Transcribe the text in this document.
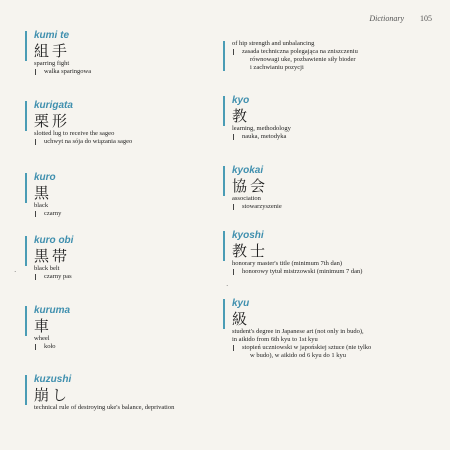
Dictionary 105
kumi te
組手
sparring fight
walka sparingowa
kurigata
栗形
slotted lug to receive the sageo
uchwyt na sója do wiązania sageo
kuro
黒
black
czarny
kuro obi
黒帯
black belt
czarny pas
kuruma
車
wheel
koło
kuzushi
崩し
technical rule of destroying uke's balance, deprivation
of hip strength and unbalancing
zasada techniczna polegająca na zniszczeniu
równowagi uke, pozbawienie siły bioder
i zachwianiu pozycji
kyo
教
learning, methodology
nauka, metodyka
kyokai
協会
association
stowarzyszenie
kyoshi
教士
honorary master's title (minimum 7th dan)
honorowy tytuł mistrzowski (minimum 7 dan)
kyu
級
student's degree in Japanese art (not only in budo),
in aikido from 6th kyu to 1st kyu
stopień uczniowski w japońskiej sztuce (nie tylko
w budo), w aikido od 6 kyu do 1 kyu
·
·
